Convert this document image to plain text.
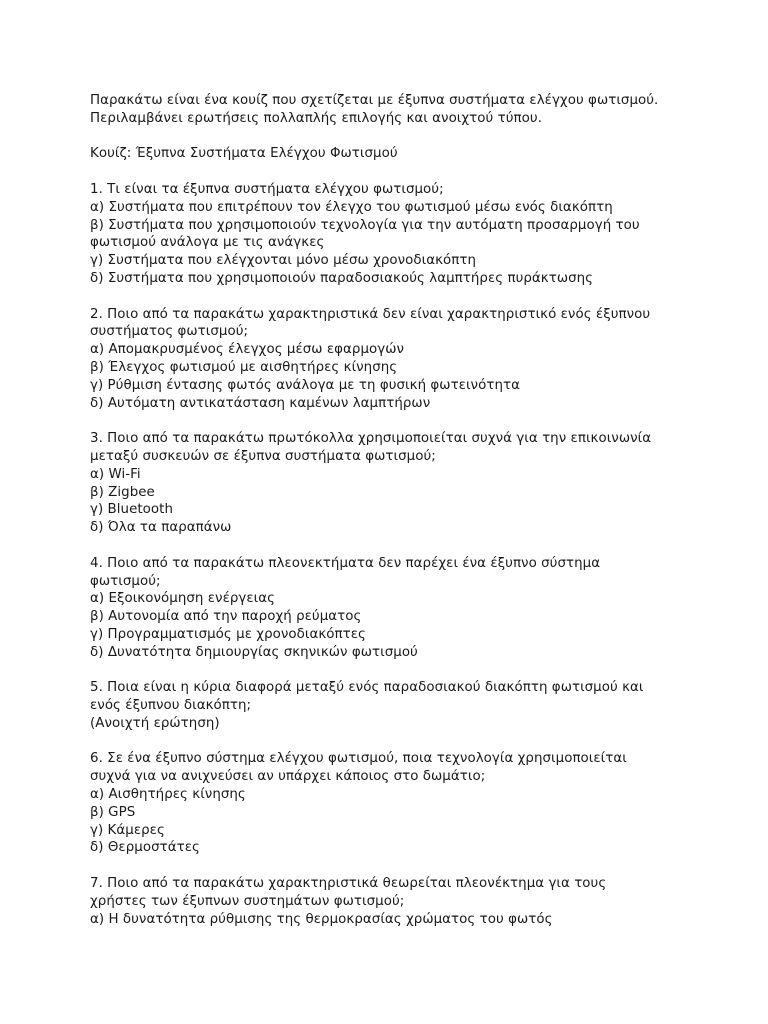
Παρακάτω είναι ένα κουίζ που σχετίζεται με έξυπνα συστήματα ελέγχου φωτισμού.
Περιλαμβάνει ερωτήσεις πολλαπλής επιλογής και ανοιχτού τύπου.
Κουίζ: Έξυπνα Συστήματα Ελέγχου Φωτισμού
1. Τι είναι τα έξυπνα συστήματα ελέγχου φωτισμού;
α) Συστήματα που επιτρέπουν τον έλεγχο του φωτισμού μέσω ενός διακόπτη
β) Συστήματα που χρησιμοποιούν τεχνολογία για την αυτόματη προσαρμογή του
φωτισμού ανάλογα με τις ανάγκες
γ) Συστήματα που ελέγχονται μόνο μέσω χρονοδιακόπτη
δ) Συστήματα που χρησιμοποιούν παραδοσιακούς λαμπτήρες πυράκτωσης
2. Ποιο από τα παρακάτω χαρακτηριστικά δεν είναι χαρακτηριστικό ενός έξυπνου
συστήματος φωτισμού;
α) Απομακρυσμένος έλεγχος μέσω εφαρμογών
β) Έλεγχος φωτισμού με αισθητήρες κίνησης
γ) Ρύθμιση έντασης φωτός ανάλογα με τη φυσική φωτεινότητα
δ) Αυτόματη αντικατάσταση καμένων λαμπτήρων
3. Ποιο από τα παρακάτω πρωτόκολλα χρησιμοποιείται συχνά για την επικοινωνία
μεταξύ συσκευών σε έξυπνα συστήματα φωτισμού;
α) Wi-Fi
β) Zigbee
γ) Bluetooth
δ) Όλα τα παραπάνω
4. Ποιο από τα παρακάτω πλεονεκτήματα δεν παρέχει ένα έξυπνο σύστημα
φωτισμού;
α) Εξοικονόμηση ενέργειας
β) Αυτονομία από την παροχή ρεύματος
γ) Προγραμματισμός με χρονοδιακόπτες
δ) Δυνατότητα δημιουργίας σκηνικών φωτισμού
5. Ποια είναι η κύρια διαφορά μεταξύ ενός παραδοσιακού διακόπτη φωτισμού και
ενός έξυπνου διακόπτη;
(Ανοιχτή ερώτηση)
6. Σε ένα έξυπνο σύστημα ελέγχου φωτισμού, ποια τεχνολογία χρησιμοποιείται
συχνά για να ανιχνεύσει αν υπάρχει κάποιος στο δωμάτιο;
α) Αισθητήρες κίνησης
β) GPS
γ) Κάμερες
δ) Θερμοστάτες
7. Ποιο από τα παρακάτω χαρακτηριστικά θεωρείται πλεονέκτημα για τους
χρήστες των έξυπνων συστημάτων φωτισμού;
α) Η δυνατότητα ρύθμισης της θερμοκρασίας χρώματος του φωτός
